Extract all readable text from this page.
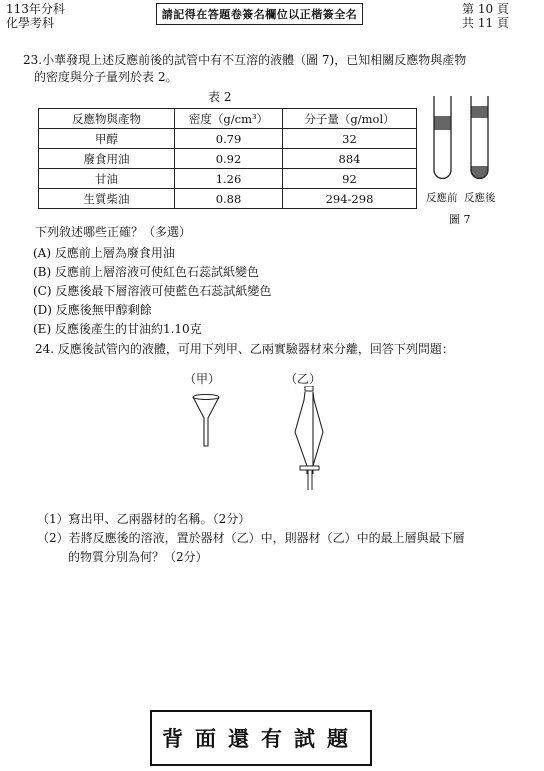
113年分科
化學考科
請記得在答題卷簽名欄位以正楷簽全名	第 10 頁
共 11 頁
23.小華發現上述反應前後的試管中有不互溶的液體（圖 7)，已知相關反應物與產物
的密度與分子量列於表 2。
表 2
反應物與產物	密度（g/cm³）	分子量（g/mol）
甲醇	0.79	32
廢食用油	0.92	884
甘油	1.26	92
生質柴油	0.88	294-298	反應前 反應後
圖 7
下列敘述哪些正確？（多選）
(A) 反應前上層為廢食用油
(B) 反應前上層溶液可使紅色石蕊試紙變色
(C) 反應後最下層溶液可使藍色石蕊試紙變色
(D) 反應後無甲醇剩餘
(E) 反應後產生的甘油約1.10克
24. 反應後試管內的液體，可用下列甲、乙兩實驗器材來分離，回答下列問題：
（甲）	（乙）
（1）寫出甲、乙兩器材的名稱。（2分）
（2）若將反應後的溶液，置於器材（乙）中，則器材（乙）中的最上層與最下層
的物質分別為何？（2分）
背面還有試題
